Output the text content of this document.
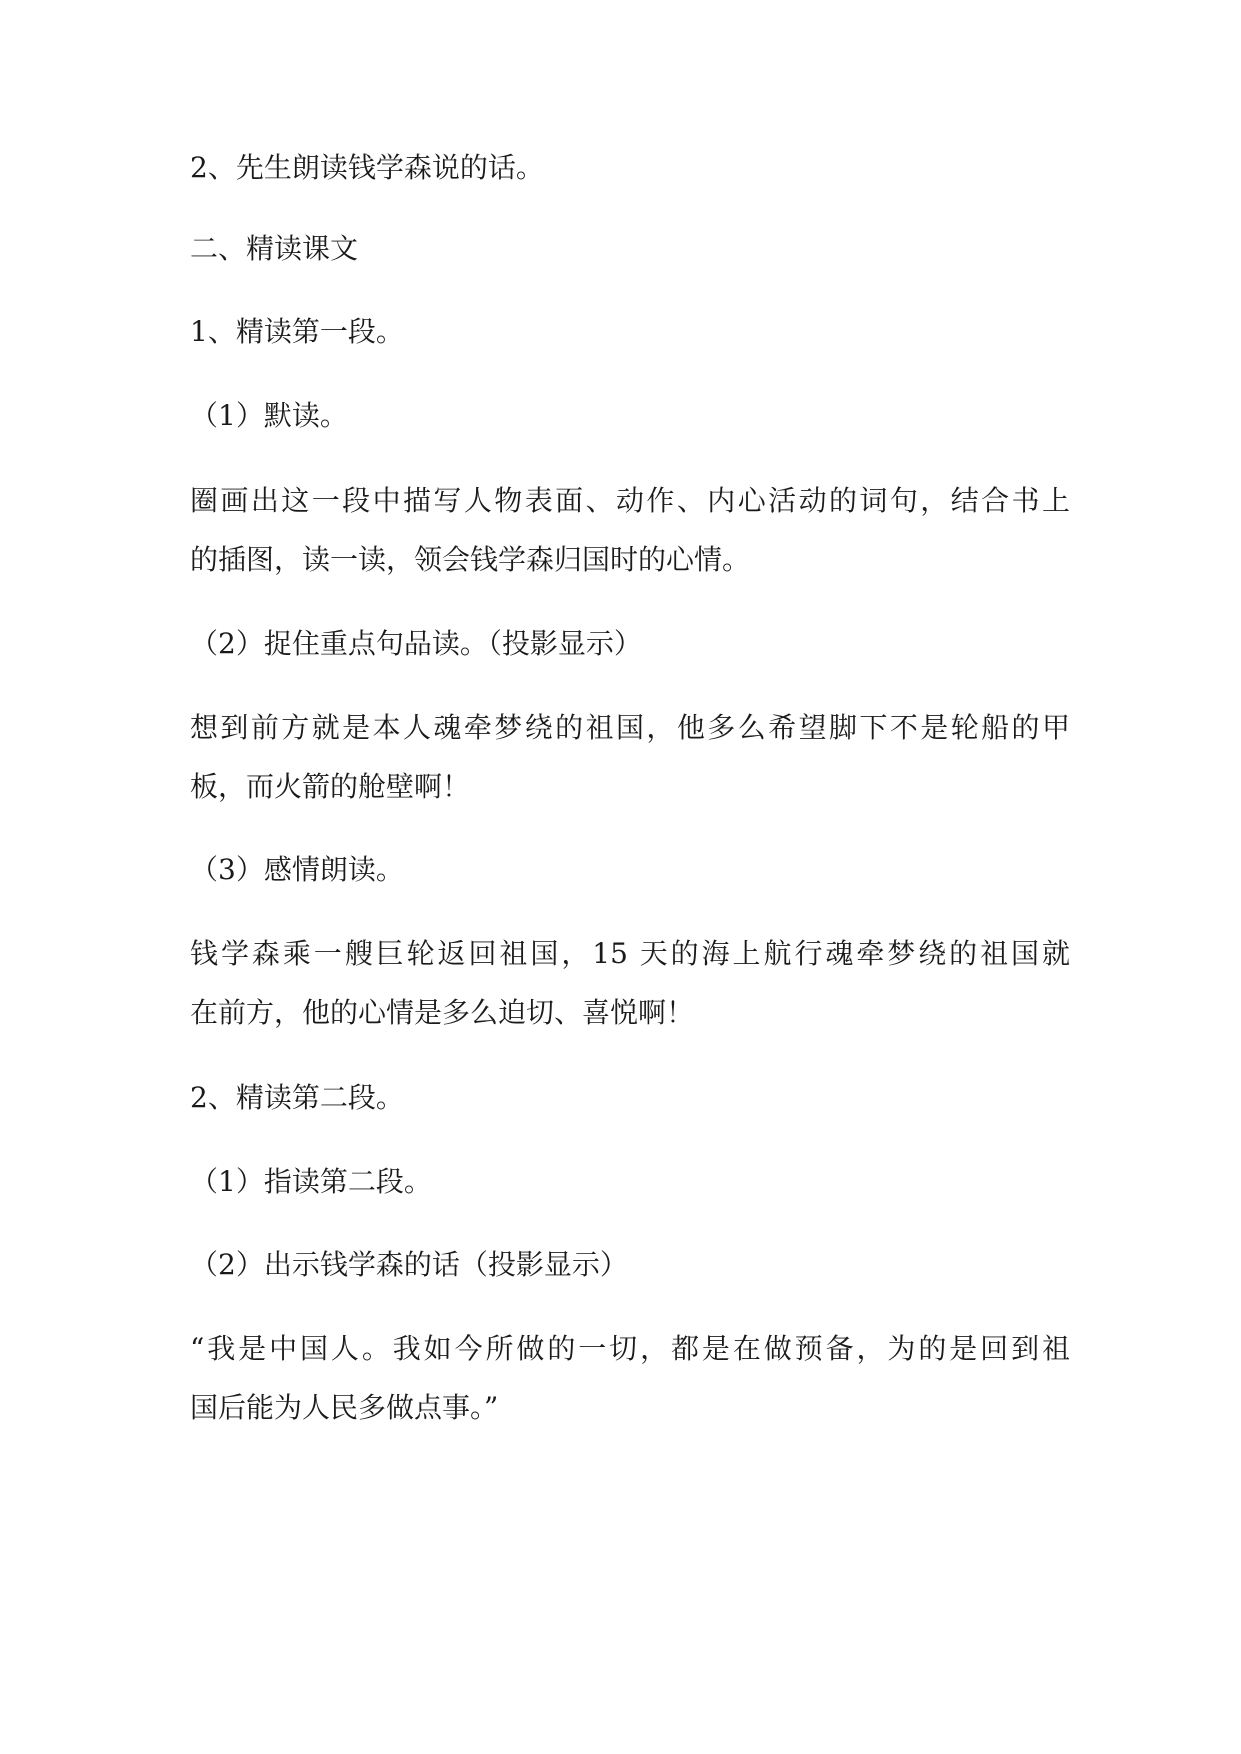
2、先生朗读钱学森说的话。

二、精读课文

1、精读第一段。

（1）默读。

圈画出这一段中描写人物表面、动作、内心活动的词句，结合书上

的插图，读一读，领会钱学森归国时的心情。

（2）捉住重点句品读。（投影显示）

想到前方就是本人魂牵梦绕的祖国，他多么希望脚下不是轮船的甲

板，而火箭的舱壁啊！

（3）感情朗读。

钱学森乘一艘巨轮返回祖国，15 天的海上航行魂牵梦绕的祖国就

在前方，他的心情是多么迫切、喜悦啊！

2、精读第二段。

（1）指读第二段。

（2）出示钱学森的话（投影显示）

“我是中国人。我如今所做的一切，都是在做预备，为的是回到祖

国后能为人民多做点事。”
